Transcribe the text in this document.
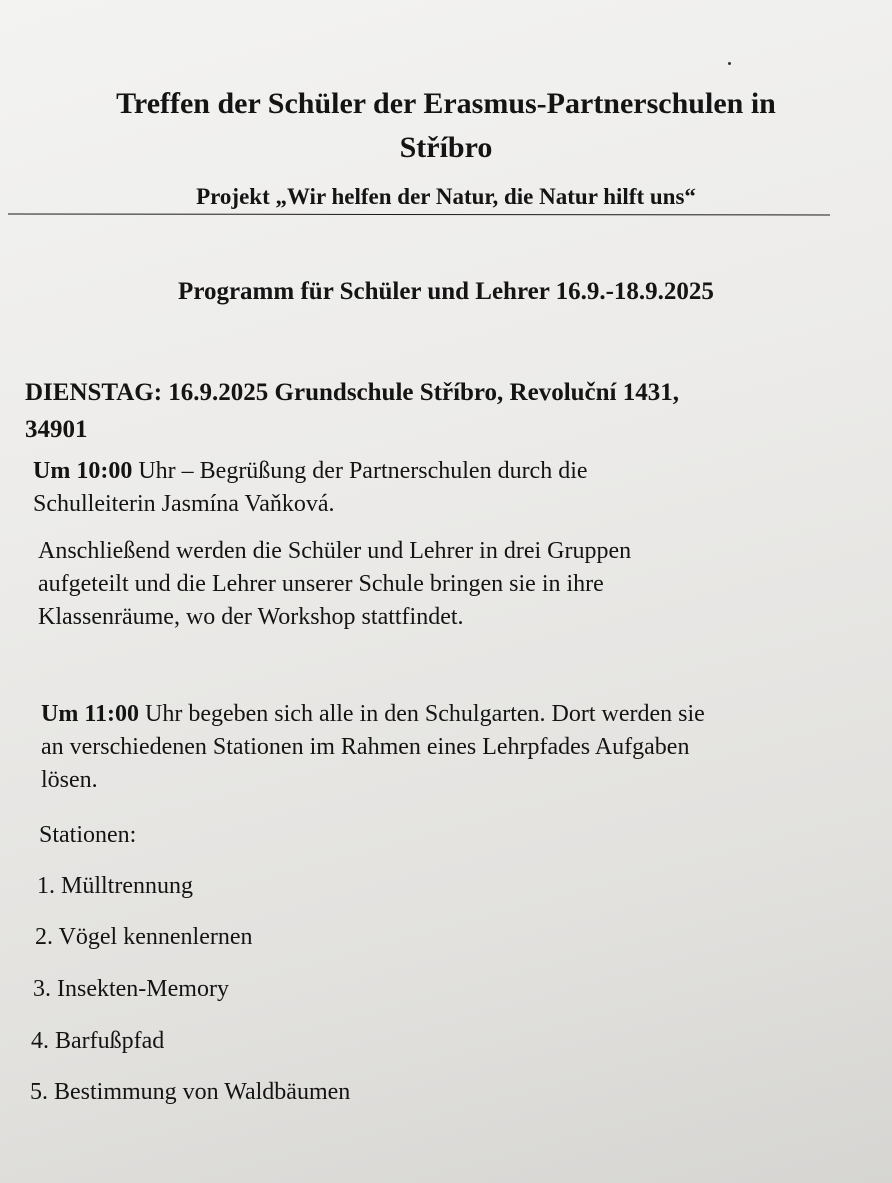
Treffen der Schüler der Erasmus-Partnerschulen in
Stříbro

Projekt „Wir helfen der Natur, die Natur hilft uns“

Programm für Schüler und Lehrer 16.9.-18.9.2025
DIENSTAG: 16.9.2025 Grundschule Stříbro, Revoluční 1431,
34901

Um 10:00 Uhr – Begrüßung der Partnerschulen durch die
Schulleiterin Jasmína Vaňková.

Anschließend werden die Schüler und Lehrer in drei Gruppen
aufgeteilt und die Lehrer unserer Schule bringen sie in ihre
Klassenräume, wo der Workshop stattfindet.

Um 11:00 Uhr begeben sich alle in den Schulgarten. Dort werden sie
an verschiedenen Stationen im Rahmen eines Lehrpfades Aufgaben
lösen.

Stationen:

1. Mülltrennung

2. Vögel kennenlernen

3. Insekten-Memory

4. Barfußpfad

5. Bestimmung von Waldbäumen
